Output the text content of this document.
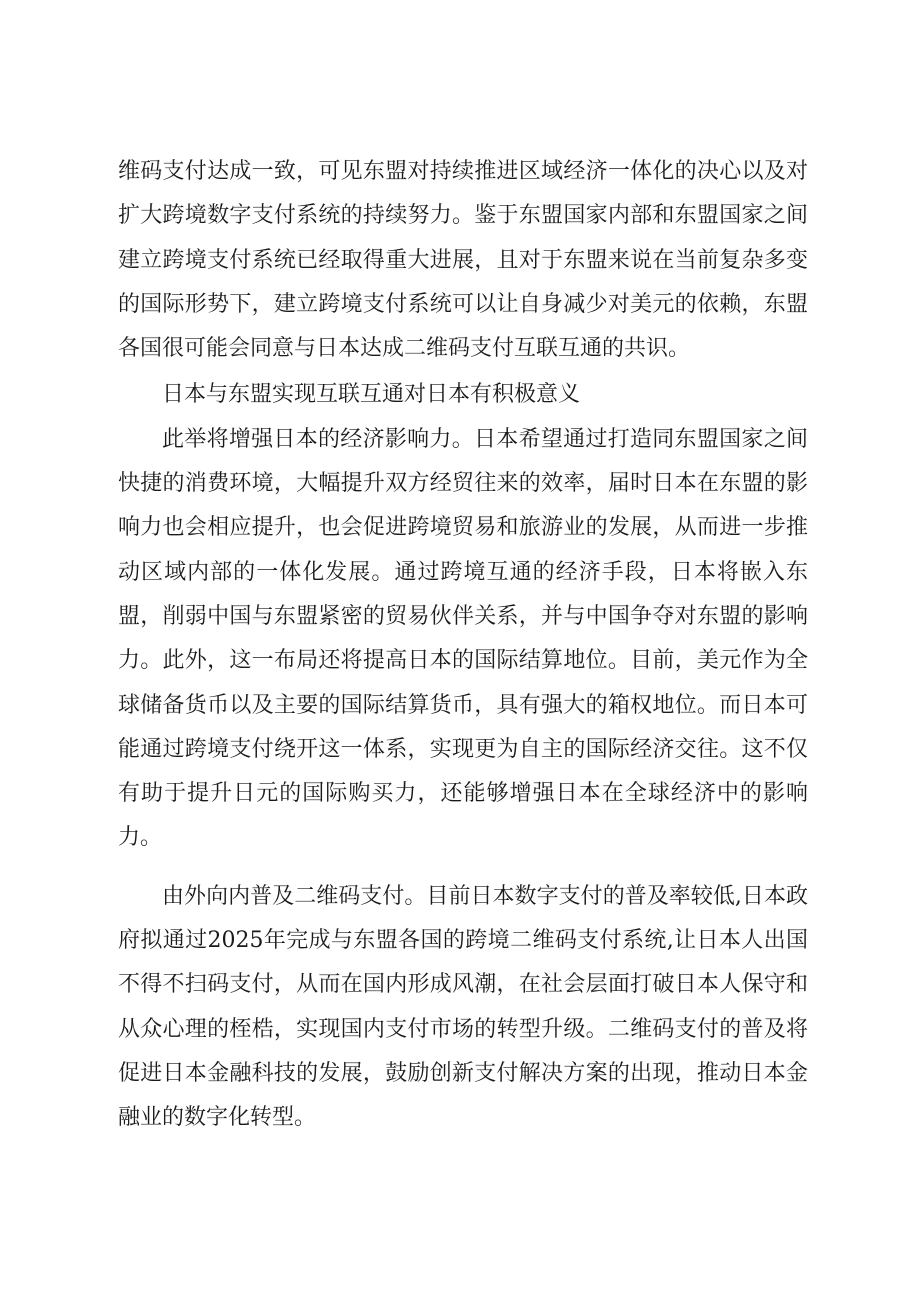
维码支付达成一致，可见东盟对持续推进区域经济一体化的决心以及对扩大跨境数字支付系统的持续努力。鉴于东盟国家内部和东盟国家之间建立跨境支付系统已经取得重大进展，且对于东盟来说在当前复杂多变的国际形势下，建立跨境支付系统可以让自身减少对美元的依赖，东盟各国很可能会同意与日本达成二维码支付互联互通的共识。

日本与东盟实现互联互通对日本有积极意义

此举将增强日本的经济影响力。日本希望通过打造同东盟国家之间快捷的消费环境，大幅提升双方经贸往来的效率，届时日本在东盟的影响力也会相应提升，也会促进跨境贸易和旅游业的发展，从而进一步推动区域内部的一体化发展。通过跨境互通的经济手段，日本将嵌入东盟，削弱中国与东盟紧密的贸易伙伴关系，并与中国争夺对东盟的影响力。此外，这一布局还将提高日本的国际结算地位。目前，美元作为全球储备货币以及主要的国际结算货币，具有强大的箱权地位。而日本可能通过跨境支付绕开这一体系，实现更为自主的国际经济交往。这不仅有助于提升日元的国际购买力，还能够增强日本在全球经济中的影响力。

由外向内普及二维码支付。目前日本数字支付的普及率较低,日本政府拟通过2025年完成与东盟各国的跨境二维码支付系统,让日本人出国不得不扫码支付，从而在国内形成风潮，在社会层面打破日本人保守和从众心理的桎梏，实现国内支付市场的转型升级。二维码支付的普及将促进日本金融科技的发展，鼓励创新支付解决方案的出现，推动日本金融业的数字化转型。
